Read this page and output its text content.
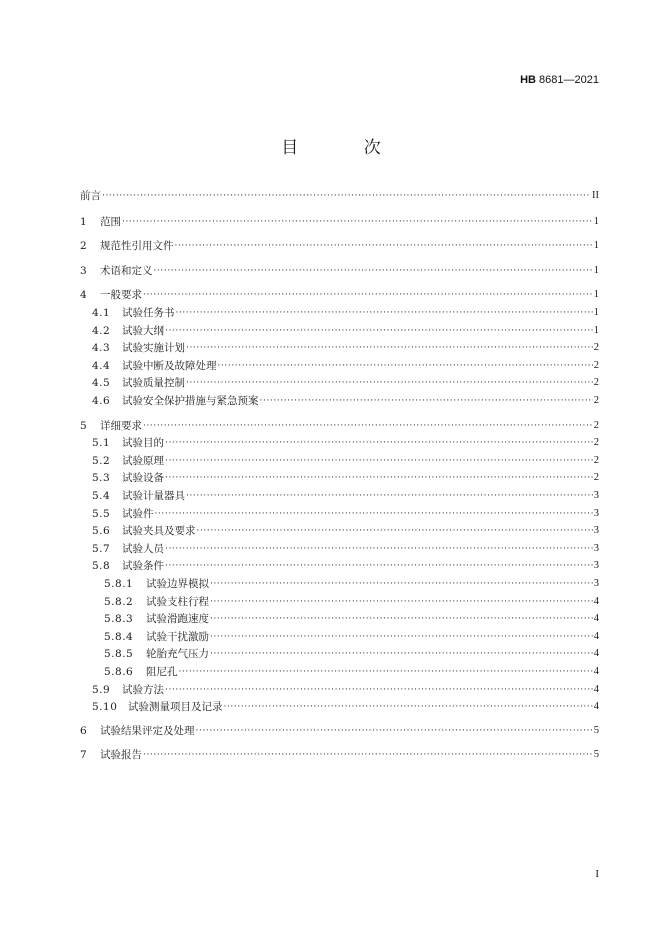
HB 8681—2021
目 次
前言 ·····	II
1	范围 ·····	1
2	规范性引用文件 ·····	1
3	术语和定义 ·····	1
4	一般要求 ·····	1
4.1	试验任务书 ·····	1
4.2	试验大纲 ·····	1
4.3	试验实施计划 ·····	2
4.4	试验中断及故障处理 ·····	2
4.5	试验质量控制 ·····	2
4.6	试验安全保护措施与紧急预案 ·····	2
5	详细要求 ·····	2
5.1	试验目的 ·····	2
5.2	试验原理 ·····	2
5.3	试验设备 ·····	2
5.4	试验计量器具 ·····	3
5.5	试验件 ·····	3
5.6	试验夹具及要求 ·····	3
5.7	试验人员 ·····	3
5.8	试验条件 ·····	3
5.8.1	试验边界模拟 ·····	3
5.8.2	试验支柱行程 ·····	4
5.8.3	试验滑跑速度 ·····	4
5.8.4	试验干扰激励 ·····	4
5.8.5	轮胎充气压力 ·····	4
5.8.6	阻尼孔 ·····	4
5.9	试验方法 ·····	4
5.10	试验测量项目及记录 ·····	4
6	试验结果评定及处理 ·····	5
7	试验报告 ·····	5
I
